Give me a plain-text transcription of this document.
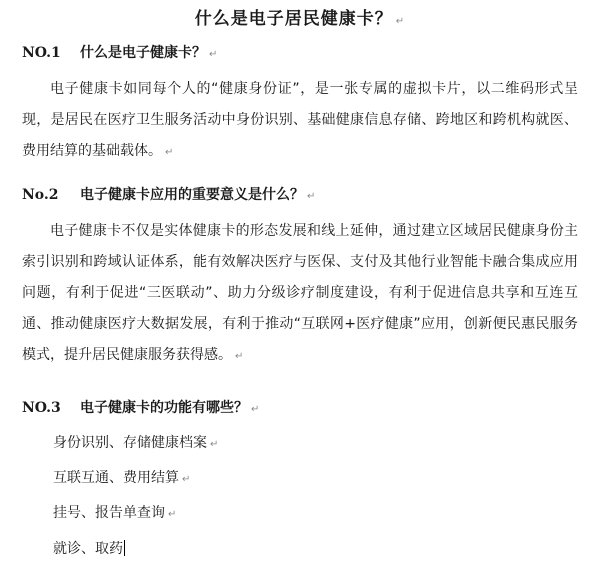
什么是电子居民健康卡？ ↵
NO.1 什么是电子健康卡？ ↵

电子健康卡如同每个人的“健康身份证”，是一张专属的虚拟卡片，以二维码形式呈现，是居民在医疗卫生服务活动中身份识别、基础健康信息存储、跨地区和跨机构就医、费用结算的基础载体。 ↵

No.2 电子健康卡应用的重要意义是什么？ ↵

电子健康卡不仅是实体健康卡的形态发展和线上延伸，通过建立区域居民健康身份主索引识别和跨域认证体系，能有效解决医疗与医保、支付及其他行业智能卡融合集成应用问题，有利于促进“三医联动”、助力分级诊疗制度建设，有利于促进信息共享和互连互通、推动健康医疗大数据发展，有利于推动“互联网+医疗健康”应用，创新便民惠民服务模式，提升居民健康服务获得感。 ↵

NO.3 电子健康卡的功能有哪些？ ↵
身份识别、存储健康档案 ↵
互联互通、费用结算 ↵
挂号、报告单查询 ↵
就诊、取药
